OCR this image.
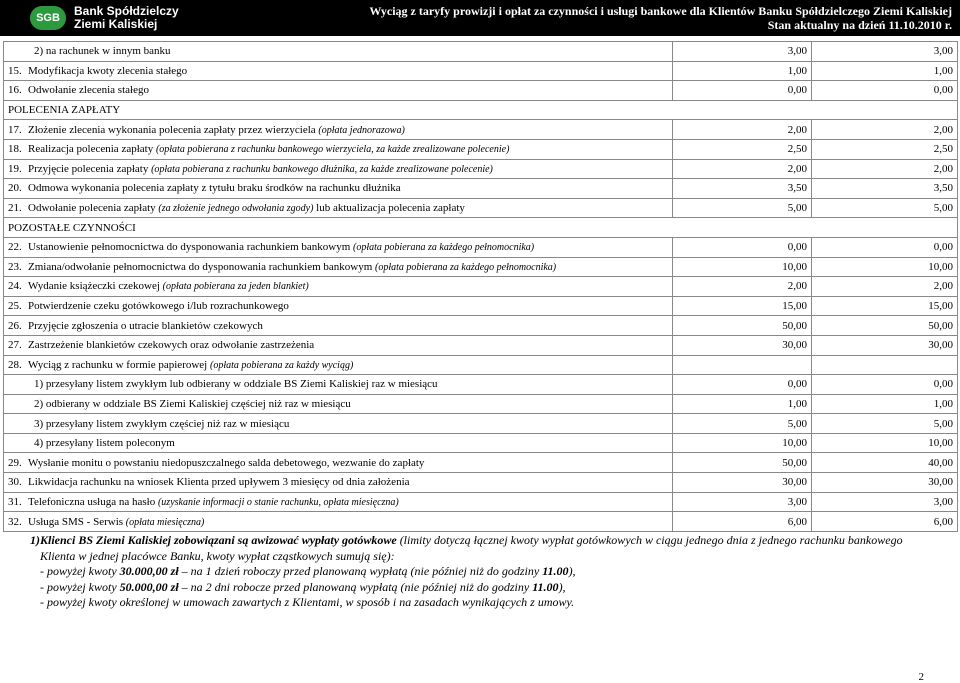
SGB	Bank Spółdzielczy
Ziemi Kaliskiej
Wyciąg z taryfy prowizji i opłat za czynności i usługi bankowe dla Klientów Banku Spółdzielczego Ziemi Kaliskiej
Stan aktualny na dzień 11.10.2010 r.
2) na rachunek w innym banku	3,00	3,00
15. Modyfikacja kwoty zlecenia stałego	1,00	1,00
16. Odwołanie zlecenia stałego	0,00	0,00
POLECENIA ZAPŁATY		
17. Złożenie zlecenia wykonania polecenia zapłaty przez wierzyciela (opłata jednorazowa)	2,00	2,00
18. Realizacja polecenia zapłaty (opłata pobierana z rachunku bankowego wierzyciela, za każde zrealizowane polecenie)	2,50	2,50
19. Przyjęcie polecenia zapłaty (opłata pobierana z rachunku bankowego dłużnika, za każde zrealizowane polecenie)	2,00	2,00
20. Odmowa wykonania polecenia zapłaty z tytułu braku środków na rachunku dłużnika	3,50	3,50
21. Odwołanie polecenia zapłaty (za złożenie jednego odwołania zgody) lub aktualizacja polecenia zapłaty	5,00	5,00
POZOSTAŁE CZYNNOŚCI		
22. Ustanowienie pełnomocnictwa do dysponowania rachunkiem bankowym (opłata pobierana za każdego pełnomocnika)	0,00	0,00
23. Zmiana/odwołanie pełnomocnictwa do dysponowania rachunkiem bankowym (opłata pobierana za każdego pełnomocnika)	10,00	10,00
24. Wydanie książeczki czekowej (opłata pobierana za jeden blankiet)	2,00	2,00
25. Potwierdzenie czeku gotówkowego i/lub rozrachunkowego	15,00	15,00
26. Przyjęcie zgłoszenia o utracie blankietów czekowych	50,00	50,00
27. Zastrzeżenie blankietów czekowych oraz odwołanie zastrzeżenia	30,00	30,00
28. Wyciąg z rachunku w formie papierowej (opłata pobierana za każdy wyciąg)		
1) przesyłany listem zwykłym lub odbierany w oddziale BS Ziemi Kaliskiej raz w miesiącu	0,00	0,00
2) odbierany w oddziale BS Ziemi Kaliskiej częściej niż raz w miesiącu	1,00	1,00
3) przesyłany listem zwykłym częściej niż raz w miesiącu	5,00	5,00
4) przesyłany listem poleconym	10,00	10,00
29. Wysłanie monitu o powstaniu niedopuszczalnego salda debetowego, wezwanie do zapłaty	50,00	40,00
30. Likwidacja rachunku na wniosek Klienta przed upływem 3 miesięcy od dnia założenia	30,00	30,00
31. Telefoniczna usługa na hasło (uzyskanie informacji o stanie rachunku, opłata miesięczna)	3,00	3,00
32. Usługa SMS - Serwis (opłata miesięczna)	6,00	6,00
1)Klienci BS Ziemi Kaliskiej zobowiązani są awizować wypłaty gotówkowe (limity dotyczą łącznej kwoty wypłat gotówkowych w ciągu jednego dnia z jednego rachunku bankowego
Klienta w jednej placówce Banku, kwoty wypłat cząstkowych sumują się):
- powyżej kwoty 30.000,00 zł – na 1 dzień roboczy przed planowaną wypłatą (nie później niż do godziny 11.00),
- powyżej kwoty 50.000,00 zł – na 2 dni robocze przed planowaną wypłatą (nie później niż do godziny 11.00),
- powyżej kwoty określonej w umowach zawartych z Klientami, w sposób i na zasadach wynikających z umowy.
2
